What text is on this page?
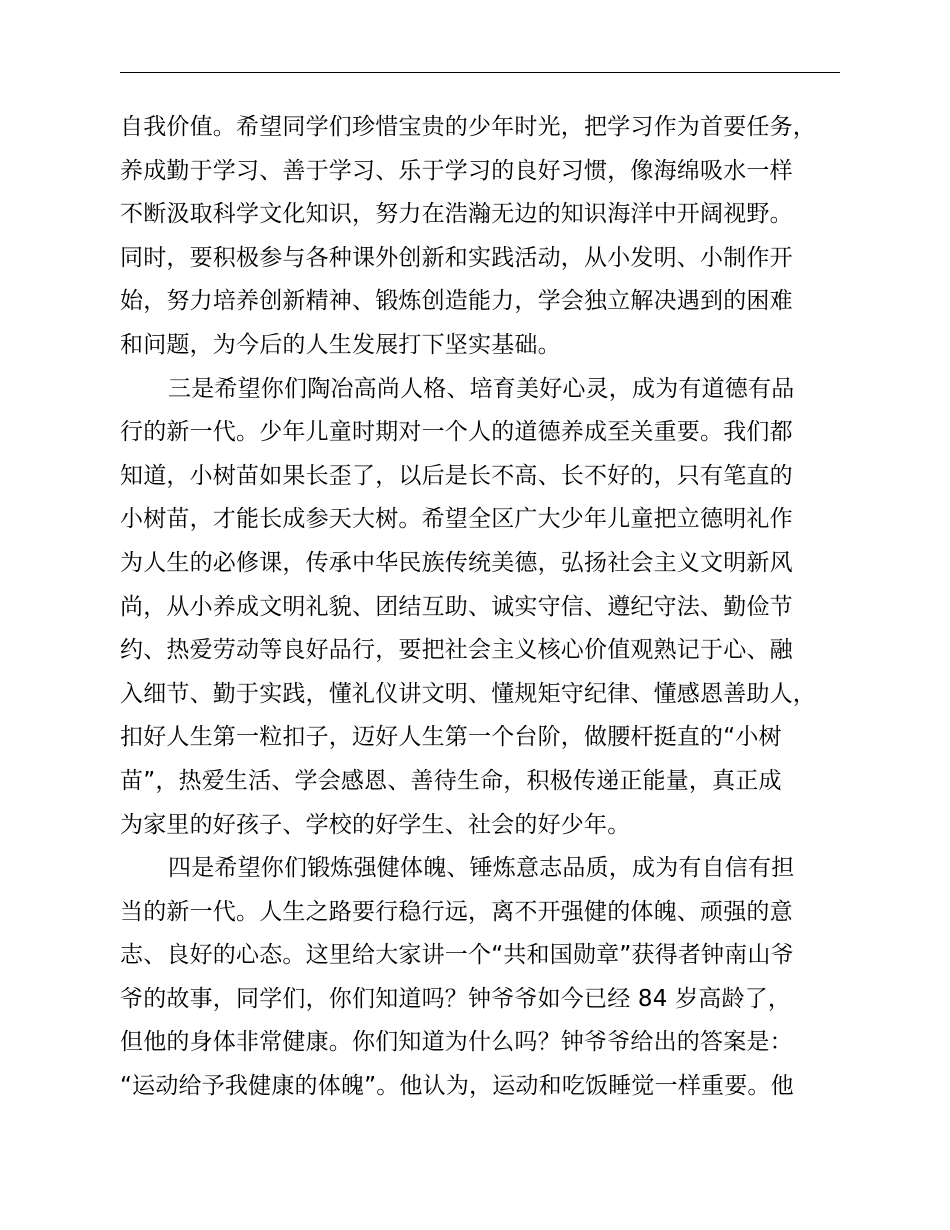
自我价值。希望同学们珍惜宝贵的少年时光，把学习作为首要任务，
养成勤于学习、善于学习、乐于学习的良好习惯，像海绵吸水一样
不断汲取科学文化知识，努力在浩瀚无边的知识海洋中开阔视野。
同时，要积极参与各种课外创新和实践活动，从小发明、小制作开
始，努力培养创新精神、锻炼创造能力，学会独立解决遇到的困难
和问题，为今后的人生发展打下坚实基础。
三是希望你们陶冶高尚人格、培育美好心灵，成为有道德有品
行的新一代。少年儿童时期对一个人的道德养成至关重要。我们都
知道，小树苗如果长歪了，以后是长不高、长不好的，只有笔直的
小树苗，才能长成参天大树。希望全区广大少年儿童把立德明礼作
为人生的必修课，传承中华民族传统美德，弘扬社会主义文明新风
尚，从小养成文明礼貌、团结互助、诚实守信、遵纪守法、勤俭节
约、热爱劳动等良好品行，要把社会主义核心价值观熟记于心、融
入细节、勤于实践，懂礼仪讲文明、懂规矩守纪律、懂感恩善助人，
扣好人生第一粒扣子，迈好人生第一个台阶，做腰杆挺直的“小树
苗”，热爱生活、学会感恩、善待生命，积极传递正能量，真正成
为家里的好孩子、学校的好学生、社会的好少年。
四是希望你们锻炼强健体魄、锤炼意志品质，成为有自信有担
当的新一代。人生之路要行稳行远，离不开强健的体魄、顽强的意
志、良好的心态。这里给大家讲一个“共和国勋章”获得者钟南山爷
爷的故事，同学们，你们知道吗？钟爷爷如今已经 84 岁高龄了，
但他的身体非常健康。你们知道为什么吗？钟爷爷给出的答案是：
“运动给予我健康的体魄”。他认为，运动和吃饭睡觉一样重要。他
